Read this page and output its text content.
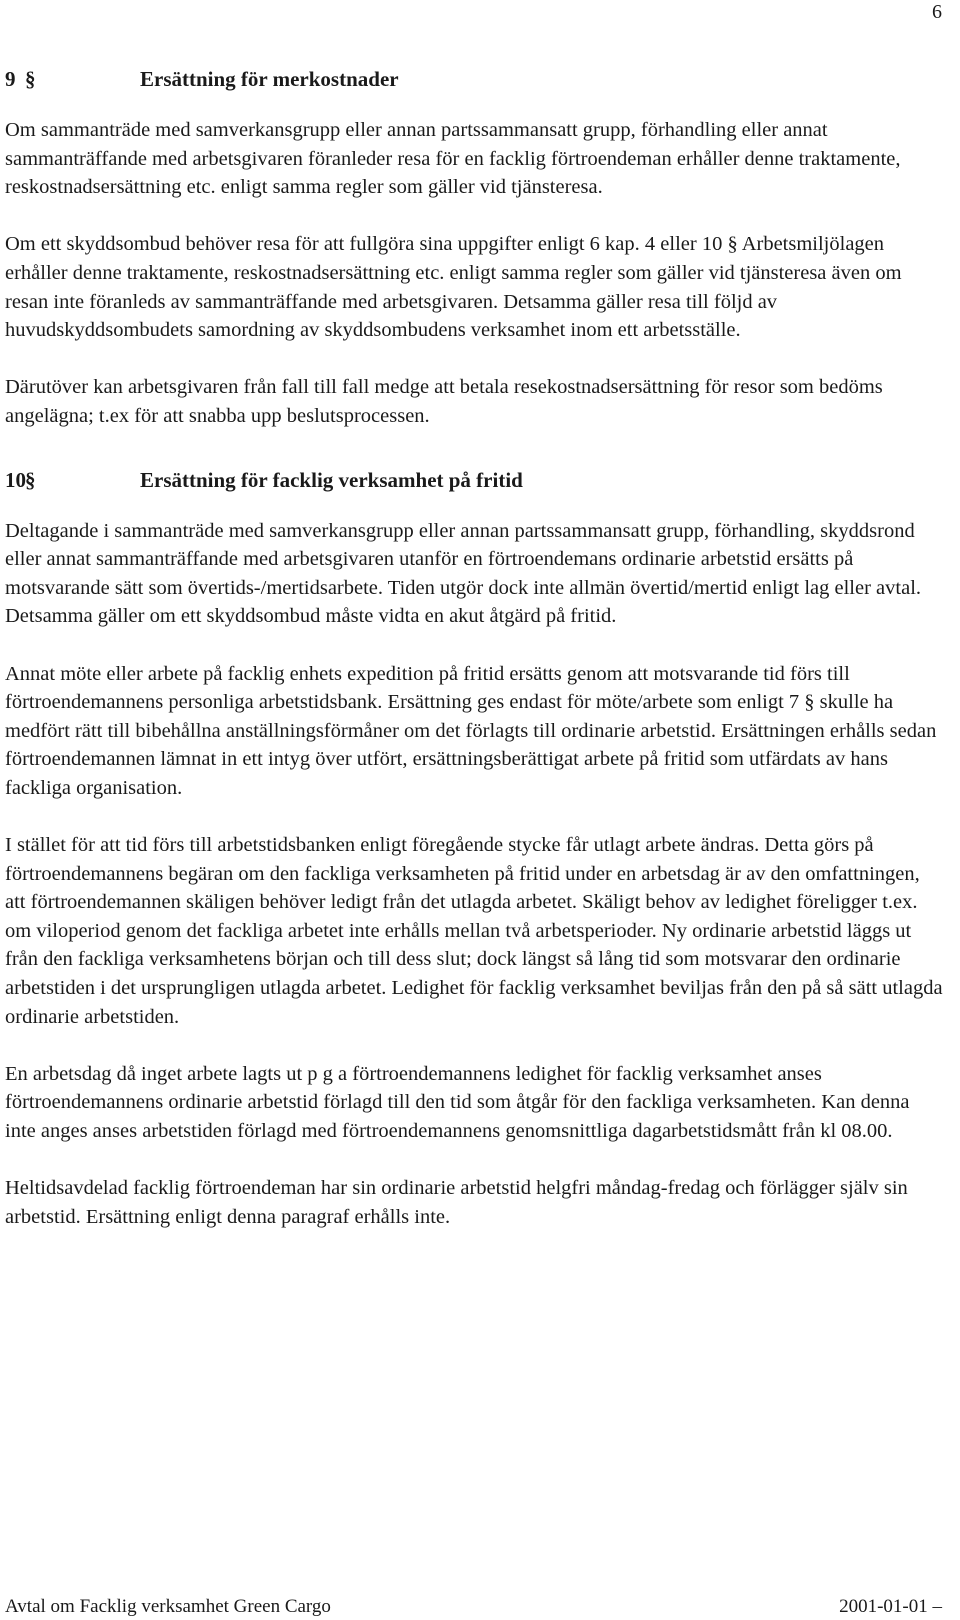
6
9 §	Ersättning för merkostnader

Om sammanträde med samverkansgrupp eller annan partssammansatt grupp, förhandling eller annat sammanträffande med arbetsgivaren föranleder resa för en facklig förtroendeman erhåller denne traktamente, reskostnadsersättning etc. enligt samma regler som gäller vid tjänsteresa.

Om ett skyddsombud behöver resa för att fullgöra sina uppgifter enligt 6 kap. 4 eller 10 § Arbetsmiljölagen erhåller denne traktamente, reskostnadsersättning etc. enligt samma regler som gäller vid tjänsteresa även om resan inte föranleds av sammanträffande med arbetsgivaren. Detsamma gäller resa till följd av huvudskyddsombudets samordning av skyddsombudens verksamhet inom ett arbetsställe.

Därutöver kan arbetsgivaren från fall till fall medge att betala resekostnadsersättning för resor som bedöms angelägna; t.ex för att snabba upp beslutsprocessen.

10 §	Ersättning för facklig verksamhet på fritid

Deltagande i sammanträde med samverkansgrupp eller annan partssammansatt grupp, förhandling, skyddsrond eller annat sammanträffande med arbetsgivaren utanför en förtroendemans ordinarie arbetstid ersätts på motsvarande sätt som övertids-/mertidsarbete. Tiden utgör dock inte allmän övertid/mertid enligt lag eller avtal. Detsamma gäller om ett skyddsombud måste vidta en akut åtgärd på fritid.

Annat möte eller arbete på facklig enhets expedition på fritid ersätts genom att motsvarande tid förs till förtroendemannens personliga arbetstidsbank. Ersättning ges endast för möte/arbete som enligt 7 § skulle ha medfört rätt till bibehållna anställningsförmåner om det förlagts till ordinarie arbetstid. Ersättningen erhålls sedan förtroendemannen lämnat in ett intyg över utfört, ersättningsberättigat arbete på fritid som utfärdats av hans fackliga organisation.

I stället för att tid förs till arbetstidsbanken enligt föregående stycke får utlagt arbete ändras. Detta görs på förtroendemannens begäran om den fackliga verksamheten på fritid under en arbetsdag är av den omfattningen, att förtroendemannen skäligen behöver ledigt från det utlagda arbetet. Skäligt behov av ledighet föreligger t.ex. om viloperiod genom det fackliga arbetet inte erhålls mellan två arbetsperioder. Ny ordinarie arbetstid läggs ut från den fackliga verksamhetens början och till dess slut; dock längst så lång tid som motsvarar den ordinarie arbetstiden i det ursprungligen utlagda arbetet. Ledighet för facklig verksamhet beviljas från den på så sätt utlagda ordinarie arbetstiden.

En arbetsdag då inget arbete lagts ut p g a förtroendemannens ledighet för facklig verksamhet anses förtroendemannens ordinarie arbetstid förlagd till den tid som åtgår för den fackliga verksamheten. Kan denna inte anges anses arbetstiden förlagd med förtroendemannens genomsnittliga dagarbetstidsmått från kl 08.00.

Heltidsavdelad facklig förtroendeman har sin ordinarie arbetstid helgfri måndag-fredag och förlägger själv sin arbetstid. Ersättning enligt denna paragraf erhålls inte.

Avtal om Facklig verksamhet Green Cargo	2001-01-01 –
